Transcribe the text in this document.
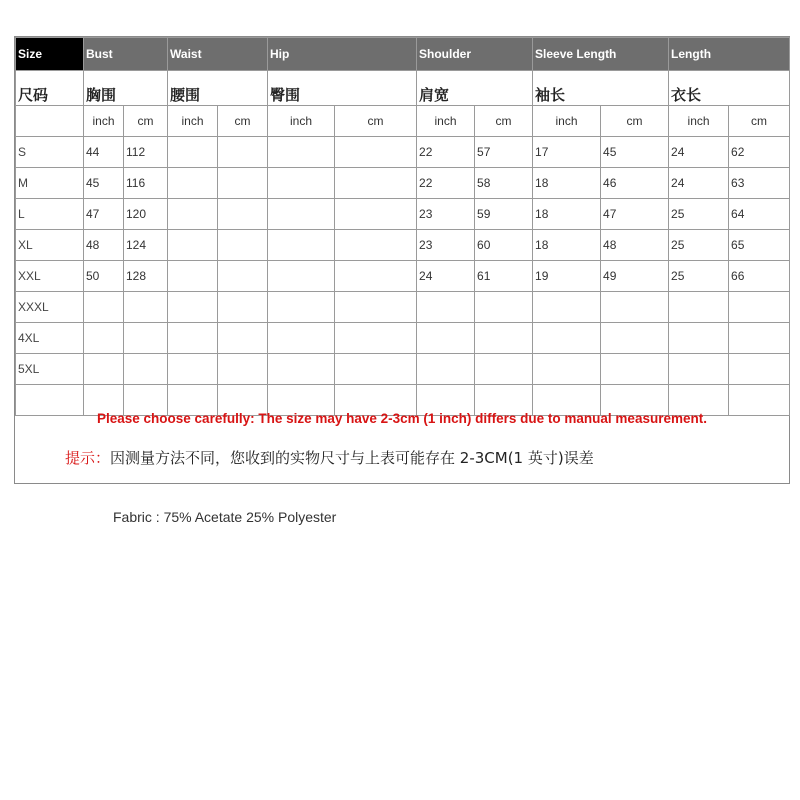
Size	Bust		Waist		Hip		Shoulder		Sleeve Length		Length	
尺码	胸围		腰围		臀围		肩宽		袖长		衣长	
	inch	cm	inch	cm	inch	cm	inch	cm	inch	cm	inch	cm
S	44	112					22	57	17	45	24	62
M	45	116					22	58	18	46	24	63
L	47	120					23	59	18	47	25	64
XL	48	124					23	60	18	48	25	65
XXL	50	128					24	61	19	49	25	66
XXXL												
4XL												
5XL												

Please choose carefully: The size may have 2-3cm (1 inch) differs due to manual measurement.
提示：因测量方法不同，您收到的实物尺寸与上表可能存在 2-3CM(1 英寸)误差
Fabric : 75% Acetate 25% Polyester
